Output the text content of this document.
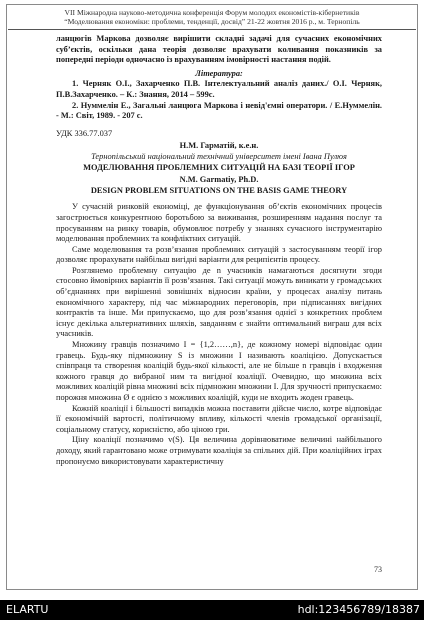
VII Міжнародна науково-методична конференція Форум молодих економістів-кібернетиків
“Моделювання економіки: проблеми, тенденції, досвід” 21-22 жовтня 2016 р., м. Тернопіль

ланцюгів Маркова дозволяє вирішити складні задачі для сучасних економічних суб’єктів, оскільки дана теорія дозволяє врахувати коливання показників за попередні періоди одночасно із врахуванням імовірності настання подій.

Література:

1. Черняк О.І., Захарченко П.В. Інтелектуальний аналіз даних./ О.І. Черняк, П.В.Захарченко. – К.: Знання, 2014 – 599с.

2. Нуммелін Е., Загальні ланцюга Маркова і невід'ємні оператори. / Е.Нуммелін. - М.: Світ, 1989. - 207 с.

УДК 336.77.037

Н.М. Гарматій, к.е.н.

Тернопільський національний технічний університет імені Івана Пулюя

МОДЕЛЮВАННЯ ПРОБЛЕМНИХ СИТУАЦІЙ НА БАЗІ ТЕОРІЇ ІГОР

N.M. Garmatiy, Ph.D.

DESIGN PROBLEM SITUATIONS ON THE BASIS GAME THEORY

У сучасній ринковій економіці, де функціонування об’єктів економічних процесів загострюється конкурентною боротьбою за виживання, розширенням надання послуг та просуванням на ринку товарів, обумовлює потребу у знаннях сучасного інструментарію моделювання проблемних та конфліктних ситуацій.

Саме моделювання та розв’язання проблемних ситуацій з застосуванням теорії ігор дозволяє прорахувати найбільш вигідні варіанти для реципієнтів процесу.

Розглянемо проблемну ситуацію де n учасників намагаються досягнути згоди стосовно ймовірних варіантів її розв’язання. Такі ситуації можуть виникати у громадських об’єднаннях при вирішенні зовнішніх відносин країни, у процесах аналізу питань економічного характеру, під час міжнародних переговорів, при підписаннях вигідних контрактів та інше. Ми припускаємо, що для розв’язання однієї з конкретних проблем існує декілька альтернативних шляхів, завданням є знайти оптимальний виграш для всіх учасників.

Множину гравців позначимо I = {1,2……,n}, де кожному номері відповідає один гравець. Будь-яку підмножину S із множини I називають коаліцією. Допускається співпраця та створення коаліцій будь-якої кількості, але не більше n гравців і входження кожного гравця до вибраної ним та вигідної коаліції. Очевидно, що множина всіх можливих коаліцій рівна множині всіх підмножин множини I. Для зручності припускаємо: порожня множина Ø є однією з можливих коаліцій, куди не входить жоден гравець.

Кожній коаліції і більшості випадків можна поставити дійсне число, котре відповідає її економічній вартості, політичному впливу, кількості членів громадської організації, соціальному статусу, корисністю, або ціною гри.

Ціну коаліції позначимо v(S). Ця величина дорівнюватиме величині найбільшого доходу, який гарантовано може отримувати коаліція за спільних дій. При коаліційних іграх пропонуємо використовувати характеристичну

73
ELARTU	hdl:123456789/18387
